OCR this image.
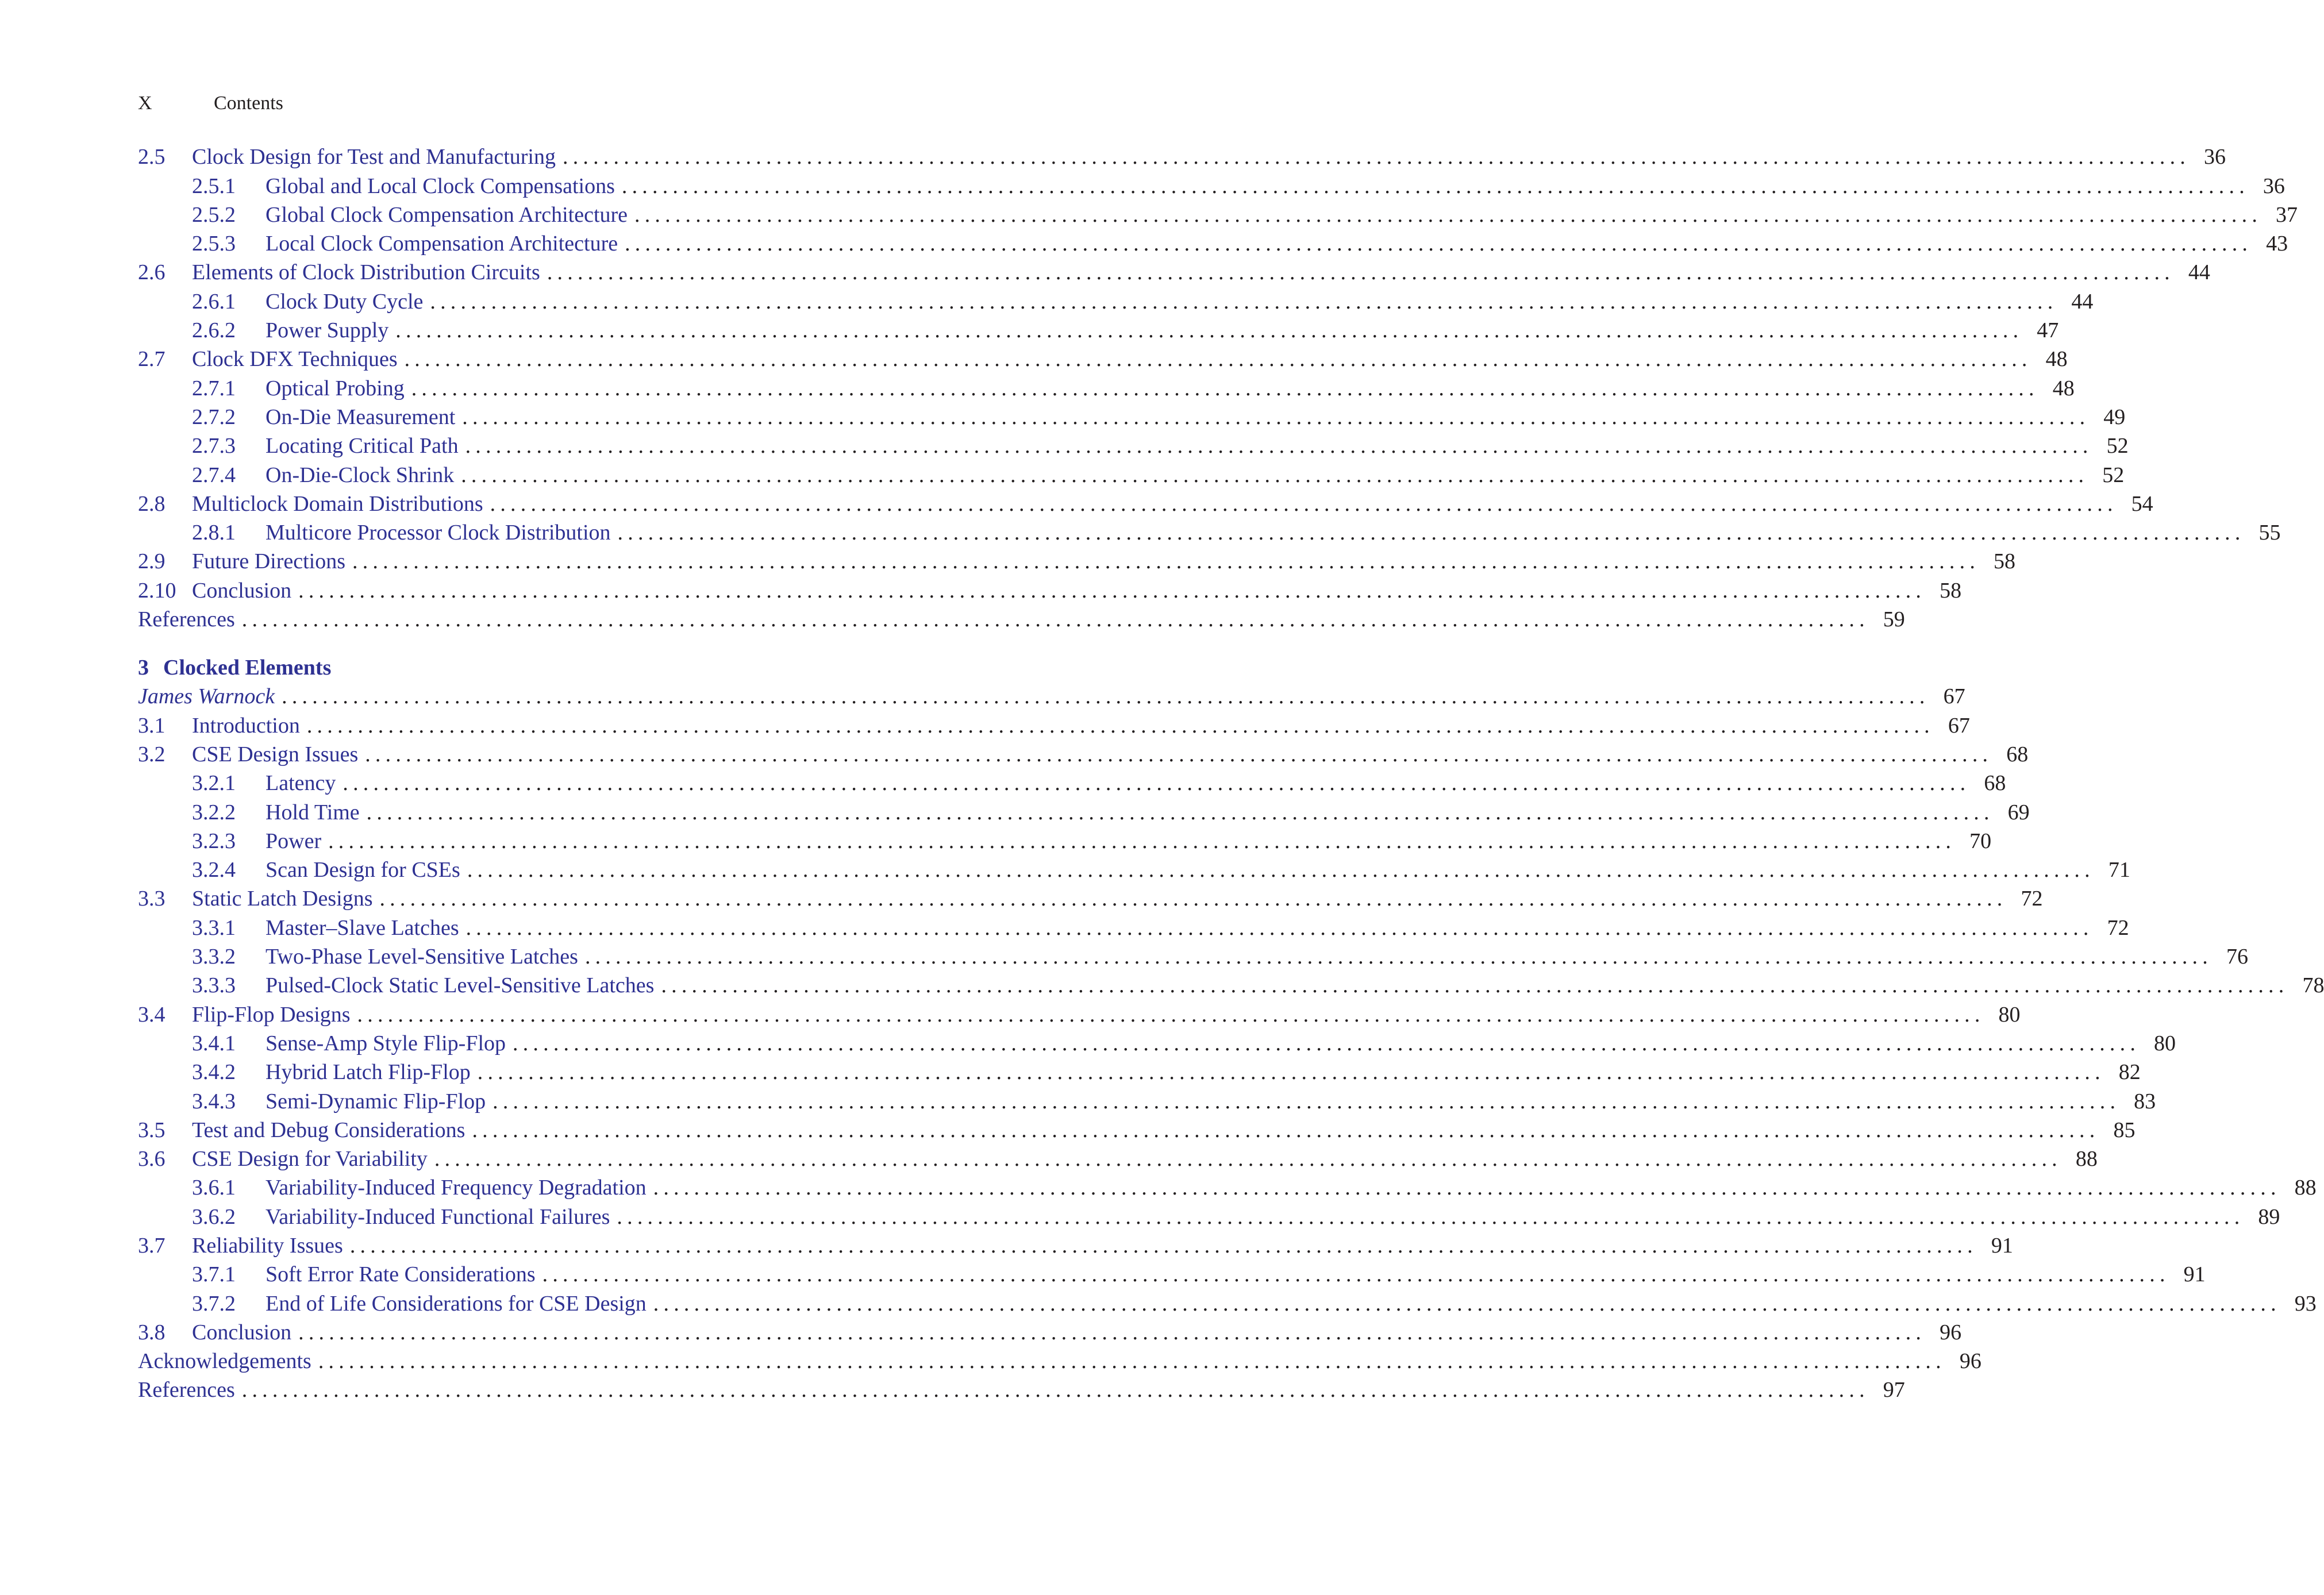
X	Contents
2.5	Clock Design for Test and Manufacturing ................................................................................................................................................................ 36
2.5.1	Global and Local Clock Compensations ................................................................................................................................................................ 36
2.5.2	Global Clock Compensation Architecture ................................................................................................................................................................ 37
2.5.3	Local Clock Compensation Architecture ................................................................................................................................................................ 43
2.6	Elements of Clock Distribution Circuits ................................................................................................................................................................ 44
2.6.1	Clock Duty Cycle ................................................................................................................................................................ 44
2.6.2	Power Supply ................................................................................................................................................................ 47
2.7	Clock DFX Techniques ................................................................................................................................................................ 48
2.7.1	Optical Probing ................................................................................................................................................................ 48
2.7.2	On-Die Measurement ................................................................................................................................................................ 49
2.7.3	Locating Critical Path ................................................................................................................................................................ 52
2.7.4	On-Die-Clock Shrink ................................................................................................................................................................ 52
2.8	Multiclock Domain Distributions ................................................................................................................................................................ 54
2.8.1	Multicore Processor Clock Distribution ................................................................................................................................................................ 55
2.9	Future Directions ................................................................................................................................................................ 58
2.10 Conclusion ................................................................................................................................................................ 58
References ................................................................................................................................................................ 59
3 Clocked Elements
James Warnock .................................................................................................................................................................. 67
3.1	Introduction ................................................................................................................................................................ 67
3.2	CSE Design Issues ................................................................................................................................................................ 68
3.2.1	Latency ................................................................................................................................................................ 68
3.2.2	Hold Time ................................................................................................................................................................ 69
3.2.3	Power ................................................................................................................................................................ 70
3.2.4	Scan Design for CSEs ................................................................................................................................................................ 71
3.3	Static Latch Designs ................................................................................................................................................................ 72
3.3.1	Master–Slave Latches ................................................................................................................................................................ 72
3.3.2	Two-Phase Level-Sensitive Latches ................................................................................................................................................................ 76
3.3.3	Pulsed-Clock Static Level-Sensitive Latches ................................................................................................................................................................ 78
3.4	Flip-Flop Designs ................................................................................................................................................................ 80
3.4.1	Sense-Amp Style Flip-Flop ................................................................................................................................................................ 80
3.4.2	Hybrid Latch Flip-Flop ................................................................................................................................................................ 82
3.4.3	Semi-Dynamic Flip-Flop ................................................................................................................................................................ 83
3.5	Test and Debug Considerations ................................................................................................................................................................ 85
3.6	CSE Design for Variability ................................................................................................................................................................ 88
3.6.1	Variability-Induced Frequency Degradation ................................................................................................................................................................ 88
3.6.2	Variability-Induced Functional Failures ................................................................................................................................................................ 89
3.7	Reliability Issues ................................................................................................................................................................ 91
3.7.1	Soft Error Rate Considerations ................................................................................................................................................................ 91
3.7.2	End of Life Considerations for CSE Design ................................................................................................................................................................ 93
3.8	Conclusion ................................................................................................................................................................ 96
Acknowledgements ................................................................................................................................................................ 96
References ................................................................................................................................................................ 97
